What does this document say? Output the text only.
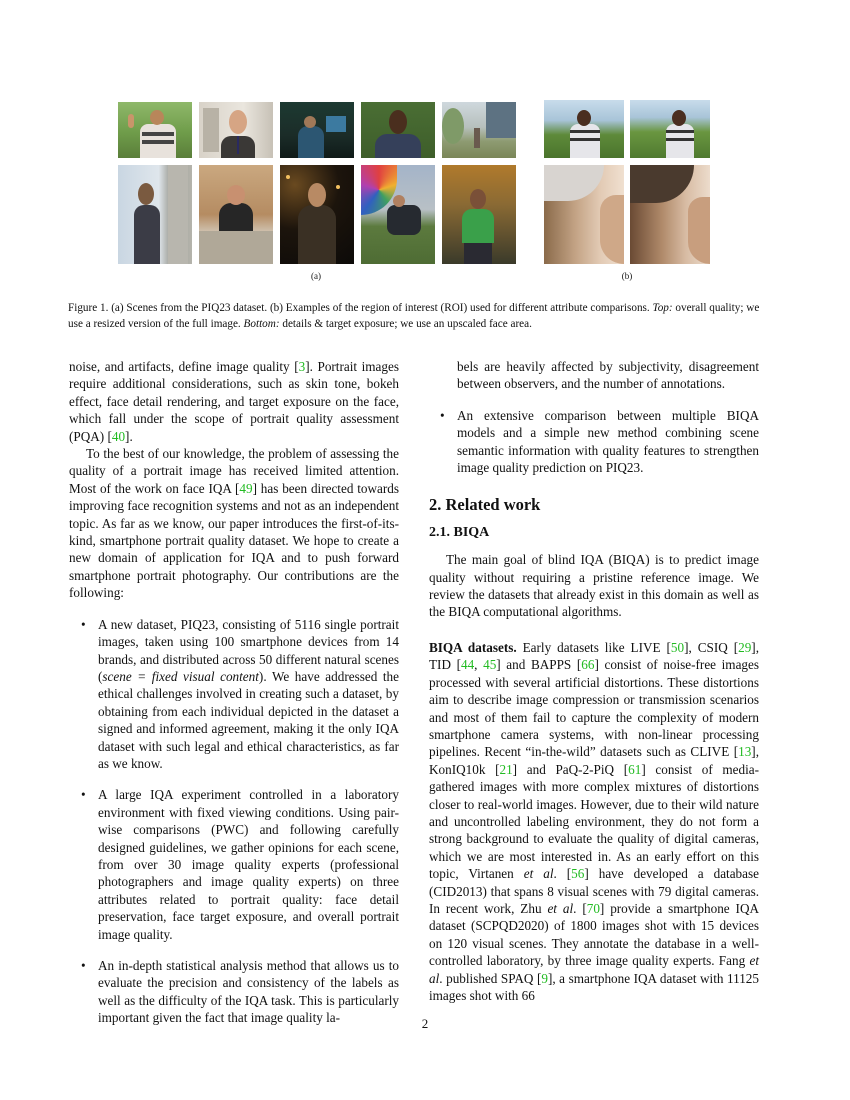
(a)	(b)

Figure 1. (a) Scenes from the PIQ23 dataset. (b) Examples of the region of interest (ROI) used for different attribute comparisons. Top: overall quality; we use a resized version of the full image. Bottom: details & target exposure; we use an upscaled face area.

noise, and artifacts, define image quality [3]. Portrait images require additional considerations, such as skin tone, bokeh effect, face detail rendering, and target exposure on the face, which fall under the scope of portrait quality assessment (PQA) [40].

To the best of our knowledge, the problem of assessing the quality of a portrait image has received limited attention. Most of the work on face IQA [49] has been directed towards improving face recognition systems and not as an independent topic. As far as we know, our paper introduces the first-of-its-kind, smartphone portrait quality dataset. We hope to create a new domain of application for IQA and to push forward smartphone portrait photography. Our contributions are the following:

• A new dataset, PIQ23, consisting of 5116 single portrait images, taken using 100 smartphone devices from 14 brands, and distributed across 50 different natural scenes (scene = fixed visual content). We have addressed the ethical challenges involved in creating such a dataset, by obtaining from each individual depicted in the dataset a signed and informed agreement, making it the only IQA dataset with such legal and ethical characteristics, as far as we know.
• A large IQA experiment controlled in a laboratory environment with fixed viewing conditions. Using pair-wise comparisons (PWC) and following carefully designed guidelines, we gather opinions for each scene, from over 30 image quality experts (professional photographers and image quality experts) on three attributes related to portrait quality: face detail preservation, face target exposure, and overall portrait image quality.
• An in-depth statistical analysis method that allows us to evaluate the precision and consistency of the labels as well as the difficulty of the IQA task. This is particularly important given the fact that image quality la-

bels are heavily affected by subjectivity, disagreement between observers, and the number of annotations.

• An extensive comparison between multiple BIQA models and a simple new method combining scene semantic information with quality features to strengthen image quality prediction on PIQ23.
2. Related work
2.1. BIQA

The main goal of blind IQA (BIQA) is to predict image quality without requiring a pristine reference image. We review the datasets that already exist in this domain as well as the BIQA computational algorithms.

BIQA datasets. Early datasets like LIVE [50], CSIQ [29], TID [44, 45] and BAPPS [66] consist of noise-free images processed with several artificial distortions. These distortions aim to describe image compression or transmission scenarios and most of them fail to capture the complexity of modern smartphone camera systems, with non-linear processing pipelines. Recent “in-the-wild” datasets such as CLIVE [13], KonIQ10k [21] and PaQ-2-PiQ [61] consist of media-gathered images with more complex mixtures of distortions closer to real-world images. However, due to their wild nature and uncontrolled labeling environment, they do not form a strong background to evaluate the quality of digital cameras, which we are most interested in. As an early effort on this topic, Virtanen et al. [56] have developed a database (CID2013) that spans 8 visual scenes with 79 digital cameras. In recent work, Zhu et al. [70] provide a smartphone IQA dataset (SCPQD2020) of 1800 images shot with 15 devices on 120 visual scenes. They annotate the database in a well-controlled laboratory, by three image quality experts. Fang et al. published SPAQ [9], a smartphone IQA dataset with 11125 images shot with 66

2
